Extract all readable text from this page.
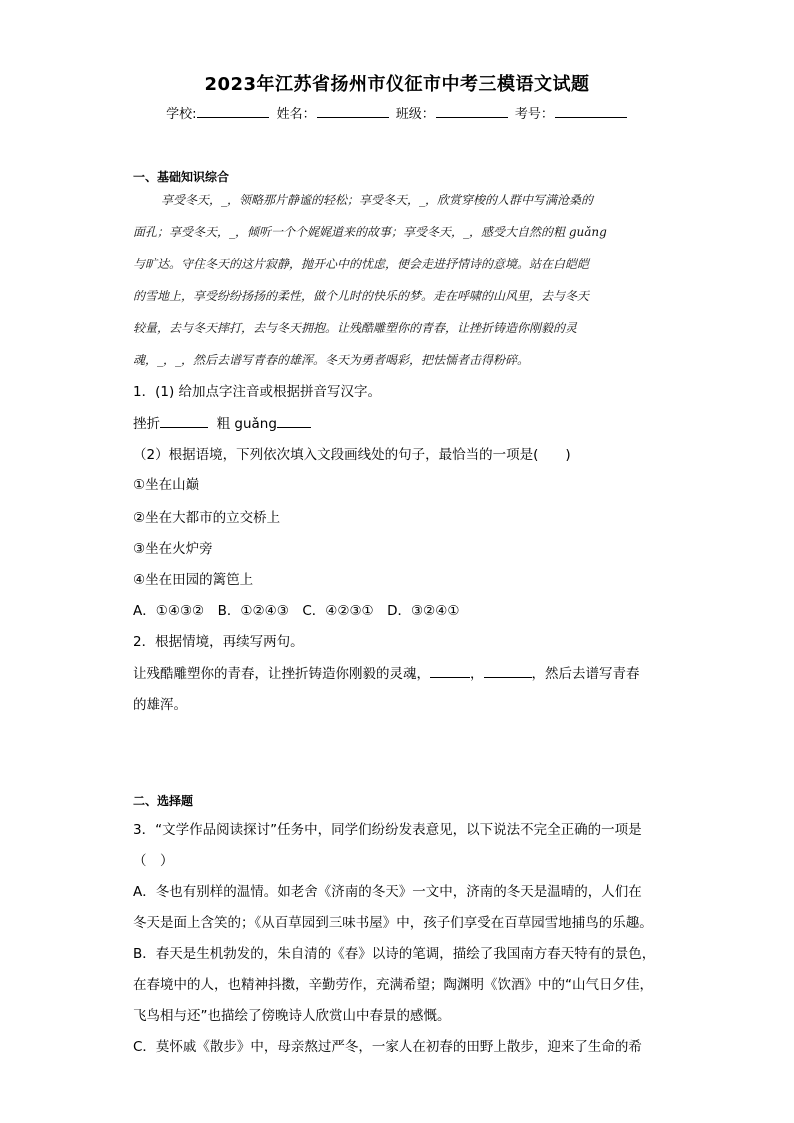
2023年江苏省扬州市仪征市中考三模语文试题
学校:	姓名：	班级：	考号：
一、基础知识综合
享受冬天，_，领略那片静谧的轻松；享受冬天，_，欣赏穿梭的人群中写满沧桑的
面孔；享受冬天，_，倾听一个个娓娓道来的故事；享受冬天，_，感受大自然的粗 guǎng
与旷达。守住冬天的这片寂静，抛开心中的忧虑，便会走进抒情诗的意境。站在白皑皑
的雪地上，享受纷纷扬扬的柔性，做个儿时的快乐的梦。走在呼啸的山风里，去与冬天
较量，去与冬天摔打，去与冬天拥抱。让残酷雕塑你的青春，让挫折铸造你刚毅的灵
魂，_，_，然后去谱写青春的雄浑。冬天为勇者喝彩，把怯懦者击得粉碎。
1．(1) 给加点字注音或根据拼音写汉字。
挫折	粗 guǎng
（2）根据语境，下列依次填入文段画线处的句子，最恰当的一项是(　　)
①坐在山巅
②坐在大都市的立交桥上
③坐在火炉旁
④坐在田园的篱笆上
A．①④③②　B．①②④③　C．④②③①　D．③②④①
2．根据情境，再续写两句。
让残酷雕塑你的青春，让挫折铸造你刚毅的灵魂，	，	，然后去谱写青春
的雄浑。
二、选择题
3．“文学作品阅读探讨”任务中，同学们纷纷发表意见，以下说法不完全正确的一项是
（　）
A．冬也有别样的温情。如老舍《济南的冬天》一文中，济南的冬天是温晴的，人们在
冬天是面上含笑的；《从百草园到三味书屋》中，孩子们享受在百草园雪地捕鸟的乐趣。
B．春天是生机勃发的，朱自清的《春》以诗的笔调，描绘了我国南方春天特有的景色，
在春境中的人，也精神抖擞，辛勤劳作，充满希望；陶渊明《饮酒》中的“山气日夕佳，
飞鸟相与还”也描绘了傍晚诗人欣赏山中春景的感慨。
C．莫怀戚《散步》中，母亲熬过严冬，一家人在初春的田野上散步，迎来了生命的希
